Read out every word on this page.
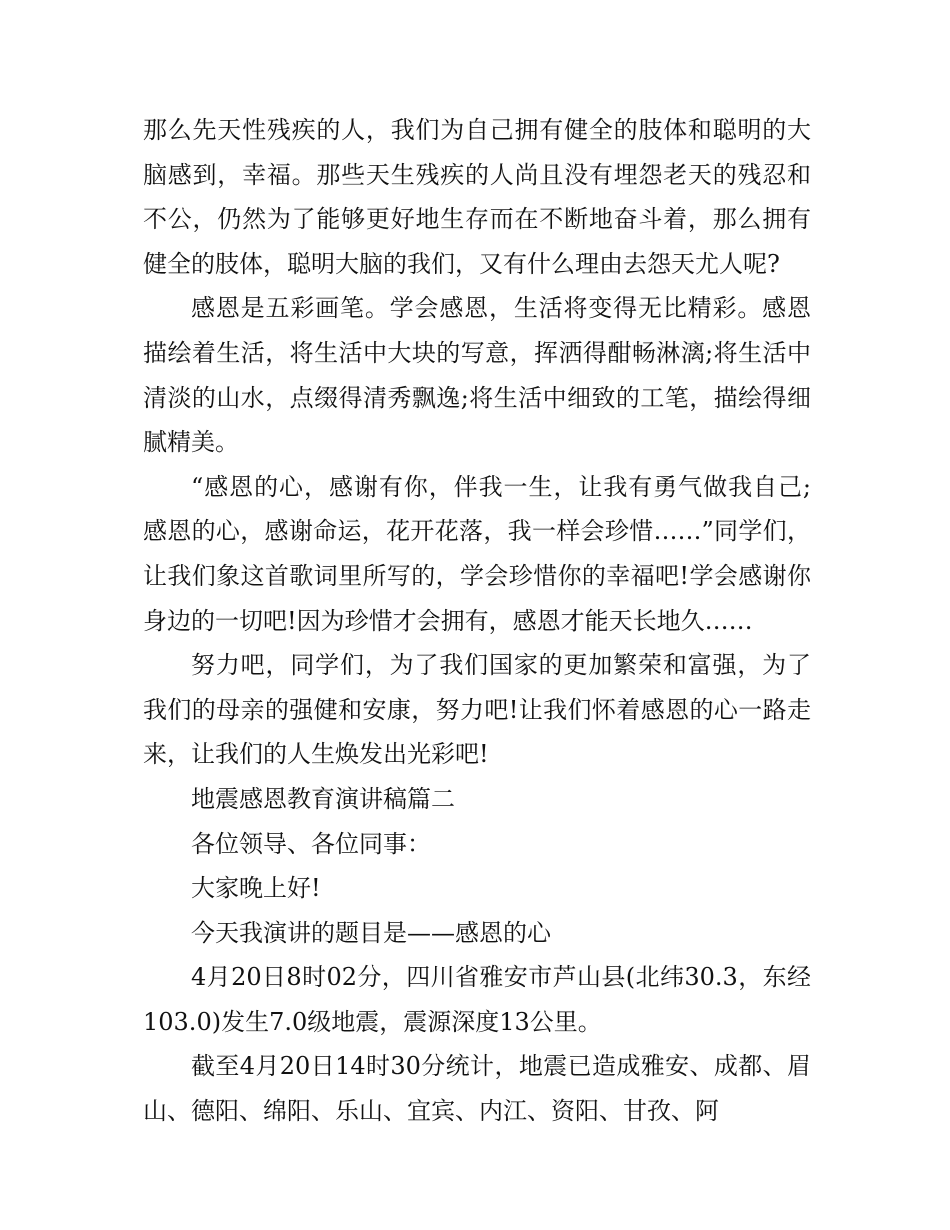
那么先天性残疾的人，我们为自己拥有健全的肢体和聪明的大脑感到，幸福。那些天生残疾的人尚且没有埋怨老天的残忍和不公，仍然为了能够更好地生存而在不断地奋斗着，那么拥有健全的肢体，聪明大脑的我们，又有什么理由去怨天尤人呢?

感恩是五彩画笔。学会感恩，生活将变得无比精彩。感恩描绘着生活，将生活中大块的写意，挥洒得酣畅淋漓;将生活中清淡的山水，点缀得清秀飘逸;将生活中细致的工笔，描绘得细腻精美。

“感恩的心，感谢有你，伴我一生，让我有勇气做我自己;感恩的心，感谢命运，花开花落，我一样会珍惜……”同学们，让我们象这首歌词里所写的，学会珍惜你的幸福吧!学会感谢你身边的一切吧!因为珍惜才会拥有，感恩才能天长地久……

努力吧，同学们，为了我们国家的更加繁荣和富强，为了我们的母亲的强健和安康，努力吧!让我们怀着感恩的心一路走来，让我们的人生焕发出光彩吧!

地震感恩教育演讲稿篇二

各位领导、各位同事：

大家晚上好!

今天我演讲的题目是——感恩的心

4月20日8时02分，四川省雅安市芦山县(北纬30.3，东经103.0)发生7.0级地震，震源深度13公里。

截至4月20日14时30分统计，地震已造成雅安、成都、眉山、德阳、绵阳、乐山、宜宾、内江、资阳、甘孜、阿
